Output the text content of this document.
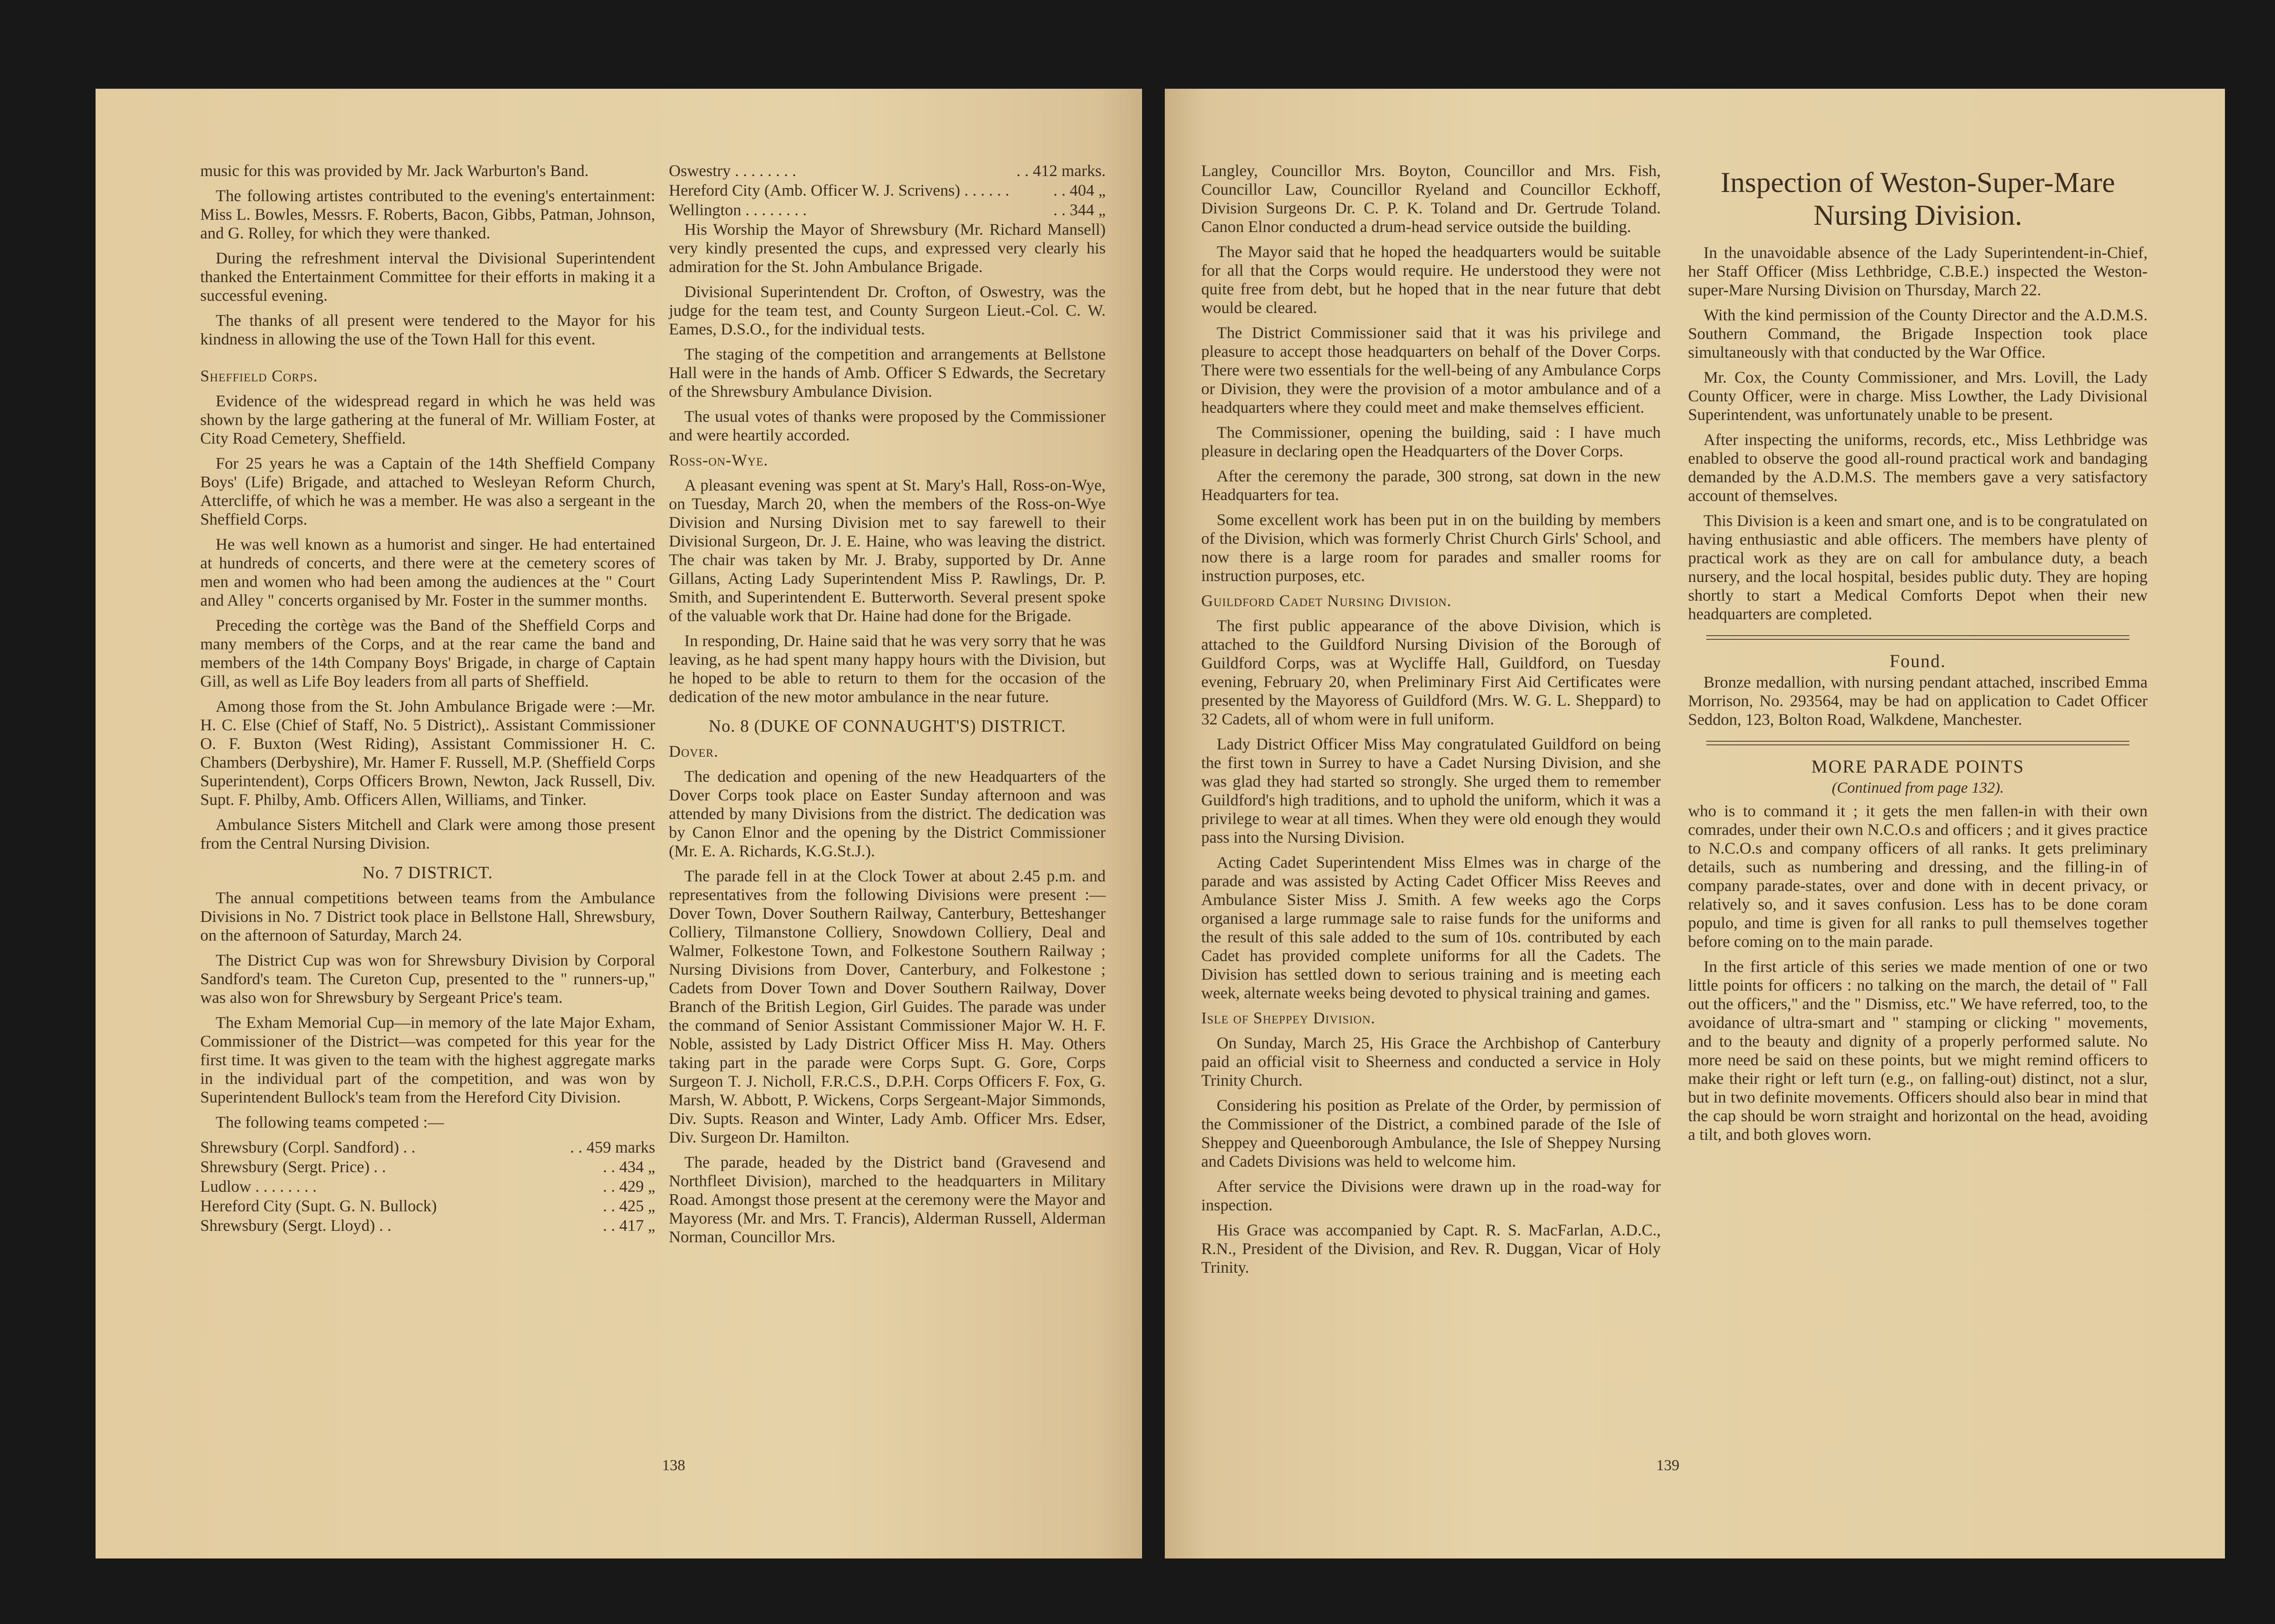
music for this was provided by Mr. Jack Warburton's Band.

The following artistes contributed to the evening's entertainment: Miss L. Bowles, Messrs. F. Roberts, Bacon, Gibbs, Patman, Johnson, and G. Rolley, for which they were thanked.

During the refreshment interval the Divisional Superintendent thanked the Entertainment Committee for their efforts in making it a successful evening.

The thanks of all present were tendered to the Mayor for his kindness in allowing the use of the Town Hall for this event.

Sheffield Corps.

Evidence of the widespread regard in which he was held was shown by the large gathering at the funeral of Mr. William Foster, at City Road Cemetery, Sheffield.

For 25 years he was a Captain of the 14th Sheffield Company Boys' (Life) Brigade, and attached to Wesleyan Reform Church, Attercliffe, of which he was a member. He was also a sergeant in the Sheffield Corps.

He was well known as a humorist and singer. He had entertained at hundreds of concerts, and there were at the cemetery scores of men and women who had been among the audiences at the " Court and Alley " concerts organised by Mr. Foster in the summer months.

Preceding the cortège was the Band of the Sheffield Corps and many members of the Corps, and at the rear came the band and members of the 14th Company Boys' Brigade, in charge of Captain Gill, as well as Life Boy leaders from all parts of Sheffield.

Among those from the St. John Ambulance Brigade were :—Mr. H. C. Else (Chief of Staff, No. 5 District),. Assistant Commissioner O. F. Buxton (West Riding), Assistant Commissioner H. C. Chambers (Derbyshire), Mr. Hamer F. Russell, M.P. (Sheffield Corps Superintendent), Corps Officers Brown, Newton, Jack Russell, Div. Supt. F. Philby, Amb. Officers Allen, Williams, and Tinker.

Ambulance Sisters Mitchell and Clark were among those present from the Central Nursing Division.

No. 7 DISTRICT.

The annual competitions between teams from the Ambulance Divisions in No. 7 District took place in Bellstone Hall, Shrewsbury, on the afternoon of Saturday, March 24.

The District Cup was won for Shrewsbury Division by Corporal Sandford's team. The Cureton Cup, presented to the " runners-up," was also won for Shrewsbury by Sergeant Price's team.

The Exham Memorial Cup—in memory of the late Major Exham, Commissioner of the District—was competed for this year for the first time. It was given to the team with the highest aggregate marks in the individual part of the competition, and was won by Superintendent Bullock's team from the Hereford City Division.

The following teams competed :—

Shrewsbury (Corpl. Sandford) . .	. . 459 marks
Shrewsbury (Sergt. Price) . .	. . 434 „
Ludlow . . . . . . . .	. . 429 „
Hereford City (Supt. G. N. Bullock)	. . 425 „
Shrewsbury (Sergt. Lloyd) . .	. . 417 „
Oswestry . . . . . . . .	. . 412 marks.
Hereford City (Amb. Officer W. J. Scrivens) . . . . . .	. . 404 „
Wellington . . . . . . . .	. . 344 „

His Worship the Mayor of Shrewsbury (Mr. Richard Mansell) very kindly presented the cups, and expressed very clearly his admiration for the St. John Ambulance Brigade.

Divisional Superintendent Dr. Crofton, of Oswestry, was the judge for the team test, and County Surgeon Lieut.-Col. C. W. Eames, D.S.O., for the individual tests.

The staging of the competition and arrangements at Bellstone Hall were in the hands of Amb. Officer S Edwards, the Secretary of the Shrewsbury Ambulance Division.

The usual votes of thanks were proposed by the Commissioner and were heartily accorded.

Ross-on-Wye.

A pleasant evening was spent at St. Mary's Hall, Ross-on-Wye, on Tuesday, March 20, when the members of the Ross-on-Wye Division and Nursing Division met to say farewell to their Divisional Surgeon, Dr. J. E. Haine, who was leaving the district. The chair was taken by Mr. J. Braby, supported by Dr. Anne Gillans, Acting Lady Superintendent Miss P. Rawlings, Dr. P. Smith, and Superintendent E. Butterworth. Several present spoke of the valuable work that Dr. Haine had done for the Brigade.

In responding, Dr. Haine said that he was very sorry that he was leaving, as he had spent many happy hours with the Division, but he hoped to be able to return to them for the occasion of the dedication of the new motor ambulance in the near future.

No. 8 (DUKE OF CONNAUGHT'S) DISTRICT.

Dover.

The dedication and opening of the new Headquarters of the Dover Corps took place on Easter Sunday afternoon and was attended by many Divisions from the district. The dedication was by Canon Elnor and the opening by the District Commissioner (Mr. E. A. Richards, K.G.St.J.).

The parade fell in at the Clock Tower at about 2.45 p.m. and representatives from the following Divisions were present :—Dover Town, Dover Southern Railway, Canterbury, Betteshanger Colliery, Tilmanstone Colliery, Snowdown Colliery, Deal and Walmer, Folkestone Town, and Folkestone Southern Railway ; Nursing Divisions from Dover, Canterbury, and Folkestone ; Cadets from Dover Town and Dover Southern Railway, Dover Branch of the British Legion, Girl Guides. The parade was under the command of Senior Assistant Commissioner Major W. H. F. Noble, assisted by Lady District Officer Miss H. May. Others taking part in the parade were Corps Supt. G. Gore, Corps Surgeon T. J. Nicholl, F.R.C.S., D.P.H. Corps Officers F. Fox, G. Marsh, W. Abbott, P. Wickens, Corps Sergeant-Major Simmonds, Div. Supts. Reason and Winter, Lady Amb. Officer Mrs. Edser, Div. Surgeon Dr. Hamilton.

The parade, headed by the District band (Gravesend and Northfleet Division), marched to the headquarters in Military Road. Amongst those present at the ceremony were the Mayor and Mayoress (Mr. and Mrs. T. Francis), Alderman Russell, Alderman Norman, Councillor Mrs.

138

Langley, Councillor Mrs. Boyton, Councillor and Mrs. Fish, Councillor Law, Councillor Ryeland and Councillor Eckhoff, Division Surgeons Dr. C. P. K. Toland and Dr. Gertrude Toland. Canon Elnor conducted a drum-head service outside the building.

The Mayor said that he hoped the headquarters would be suitable for all that the Corps would require. He understood they were not quite free from debt, but he hoped that in the near future that debt would be cleared.

The District Commissioner said that it was his privilege and pleasure to accept those headquarters on behalf of the Dover Corps. There were two essentials for the well-being of any Ambulance Corps or Division, they were the provision of a motor ambulance and of a headquarters where they could meet and make themselves efficient.

The Commissioner, opening the building, said : I have much pleasure in declaring open the Headquarters of the Dover Corps.

After the ceremony the parade, 300 strong, sat down in the new Headquarters for tea.

Some excellent work has been put in on the building by members of the Division, which was formerly Christ Church Girls' School, and now there is a large room for parades and smaller rooms for instruction purposes, etc.

Guildford Cadet Nursing Division.

The first public appearance of the above Division, which is attached to the Guildford Nursing Division of the Borough of Guildford Corps, was at Wycliffe Hall, Guildford, on Tuesday evening, February 20, when Preliminary First Aid Certificates were presented by the Mayoress of Guildford (Mrs. W. G. L. Sheppard) to 32 Cadets, all of whom were in full uniform.

Lady District Officer Miss May congratulated Guildford on being the first town in Surrey to have a Cadet Nursing Division, and she was glad they had started so strongly. She urged them to remember Guildford's high traditions, and to uphold the uniform, which it was a privilege to wear at all times. When they were old enough they would pass into the Nursing Division.

Acting Cadet Superintendent Miss Elmes was in charge of the parade and was assisted by Acting Cadet Officer Miss Reeves and Ambulance Sister Miss J. Smith. A few weeks ago the Corps organised a large rummage sale to raise funds for the uniforms and the result of this sale added to the sum of 10s. contributed by each Cadet has provided complete uniforms for all the Cadets. The Division has settled down to serious training and is meeting each week, alternate weeks being devoted to physical training and games.

Isle of Sheppey Division.

On Sunday, March 25, His Grace the Archbishop of Canterbury paid an official visit to Sheerness and conducted a service in Holy Trinity Church.

Considering his position as Prelate of the Order, by permission of the Commissioner of the District, a combined parade of the Isle of Sheppey and Queenborough Ambulance, the Isle of Sheppey Nursing and Cadets Divisions was held to welcome him.

After service the Divisions were drawn up in the road-way for inspection.

His Grace was accompanied by Capt. R. S. MacFarlan, A.D.C., R.N., President of the Division, and Rev. R. Duggan, Vicar of Holy Trinity.

Inspection of Weston-Super-Mare Nursing Division.

In the unavoidable absence of the Lady Superintendent-in-Chief, her Staff Officer (Miss Lethbridge, C.B.E.) inspected the Weston-super-Mare Nursing Division on Thursday, March 22.

With the kind permission of the County Director and the A.D.M.S. Southern Command, the Brigade Inspection took place simultaneously with that conducted by the War Office.

Mr. Cox, the County Commissioner, and Mrs. Lovill, the Lady County Officer, were in charge. Miss Lowther, the Lady Divisional Superintendent, was unfortunately unable to be present.

After inspecting the uniforms, records, etc., Miss Lethbridge was enabled to observe the good all-round practical work and bandaging demanded by the A.D.M.S. The members gave a very satisfactory account of themselves.

This Division is a keen and smart one, and is to be congratulated on having enthusiastic and able officers. The members have plenty of practical work as they are on call for ambulance duty, a beach nursery, and the local hospital, besides public duty. They are hoping shortly to start a Medical Comforts Depot when their new headquarters are completed.

Found.

Bronze medallion, with nursing pendant attached, inscribed Emma Morrison, No. 293564, may be had on application to Cadet Officer Seddon, 123, Bolton Road, Walkdene, Manchester.

MORE PARADE POINTS
(Continued from page 132).

who is to command it ; it gets the men fallen-in with their own comrades, under their own N.C.O.s and officers ; and it gives practice to N.C.O.s and company officers of all ranks. It gets preliminary details, such as numbering and dressing, and the filling-in of company parade-states, over and done with in decent privacy, or relatively so, and it saves confusion. Less has to be done coram populo, and time is given for all ranks to pull themselves together before coming on to the main parade.

In the first article of this series we made mention of one or two little points for officers : no talking on the march, the detail of " Fall out the officers," and the " Dismiss, etc." We have referred, too, to the avoidance of ultra-smart and " stamping or clicking " movements, and to the beauty and dignity of a properly performed salute. No more need be said on these points, but we might remind officers to make their right or left turn (e.g., on falling-out) distinct, not a slur, but in two definite movements. Officers should also bear in mind that the cap should be worn straight and horizontal on the head, avoiding a tilt, and both gloves worn.

139
